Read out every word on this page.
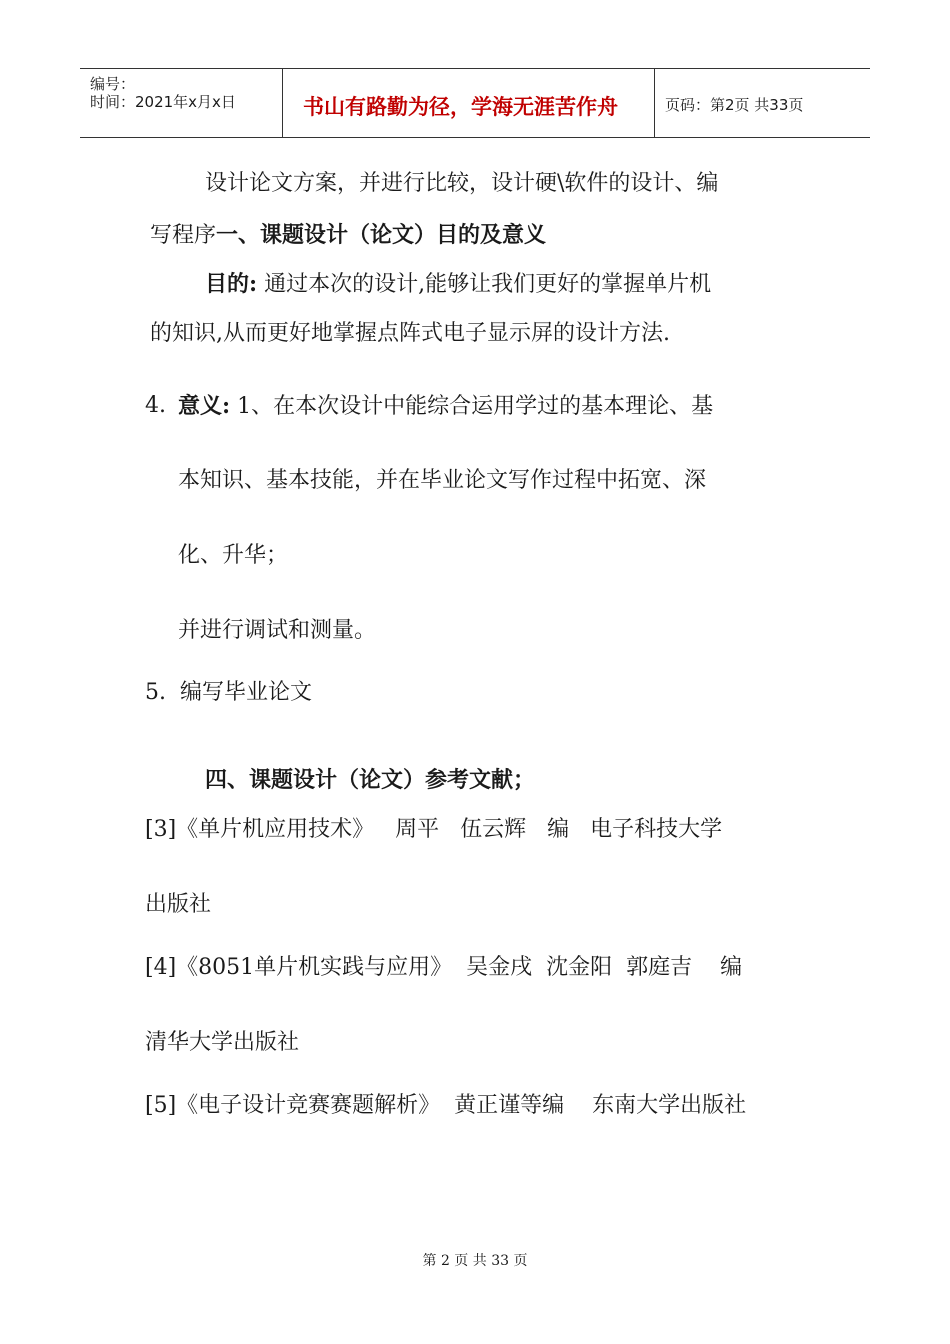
编号：
时间：2021年x月x日	书山有路勤为径，学海无涯苦作舟	页码：第2页 共33页
设计论文方案，并进行比较，设计硬\软件的设计、编
写程序一、课题设计（论文）目的及意义
目的: 通过本次的设计,能够让我们更好的掌握单片机
的知识,从而更好地掌握点阵式电子显示屏的设计方法.
4. 意义: 1、在本次设计中能综合运用学过的基本理论、基
本知识、基本技能，并在毕业论文写作过程中拓宽、深
化、升华；
并进行调试和测量。
5.  编写毕业论文
四、课题设计（论文）参考文献；
[3]《单片机应用技术》   周平   伍云辉   编   电子科技大学
出版社
[4]《8051单片机实践与应用》  吴金戌  沈金阳  郭庭吉    编
清华大学出版社
[5]《电子设计竞赛赛题解析》  黄正谨等编    东南大学出版社
第 2 页 共 33 页
